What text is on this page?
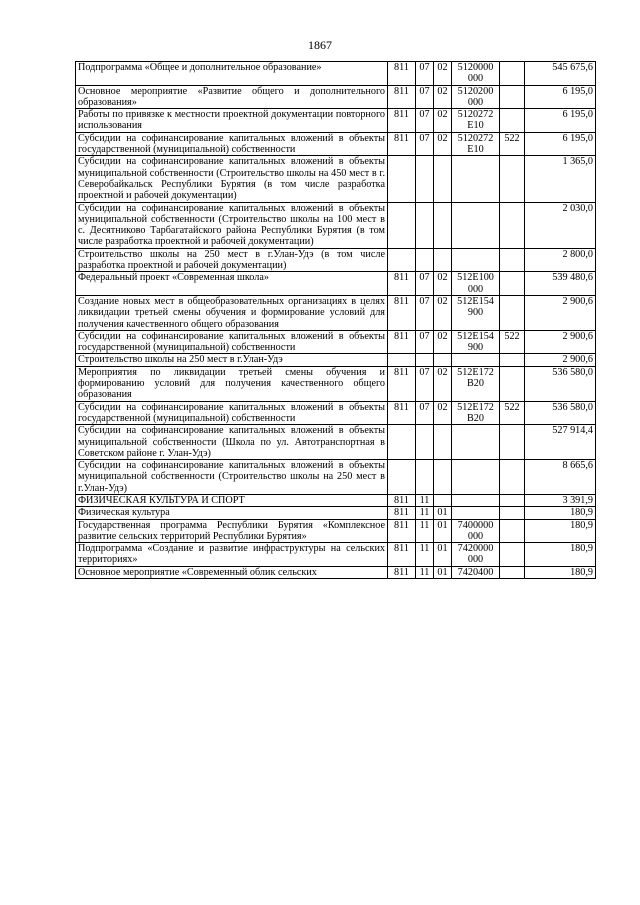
1867
Подпрограмма «Общее и дополнительное образование»	811	07	02	5120000 000		545 675,6
Основное мероприятие «Развитие общего и дополнительного образования»	811	07	02	5120200 000		6 195,0
Работы по привязке к местности проектной документации повторного использования	811	07	02	5120272 Е10		6 195,0
Субсидии на софинансирование капитальных вложений в объекты государственной (муниципальной) собственности	811	07	02	5120272 Е10	522	6 195,0
Субсидии на софинансирование капитальных вложений в объекты муниципальной собственности (Строительство школы на 450 мест в г. Северобайкальск Республики Бурятия (в том числе разработка проектной и рабочей документации)						1 365,0
Субсидии на софинансирование капитальных вложений в объекты муниципальной собственности (Строительство школы на 100 мест в с. Десятниково Тарбагатайского района Республики Бурятия (в том числе разработка проектной и рабочей документации)						2 030,0
Строительство школы на 250 мест в г.Улан-Удэ (в том числе разработка проектной и рабочей документации)						2 800,0
Федеральный проект «Современная школа»	811	07	02	512Е100 000		539 480,6
Создание новых мест в общеобразовательных организациях в целях ликвидации третьей смены обучения и формирование условий для получения качественного общего образования	811	07	02	512Е154 900		2 900,6
Субсидии на софинансирование капитальных вложений в объекты государственной (муниципальной) собственности	811	07	02	512Е154 900	522	2 900,6
Строительство школы на 250 мест в г.Улан-Удэ						2 900,6
Мероприятия по ликвидации третьей смены обучения и формированию условий для получения качественного общего образования	811	07	02	512Е172 В20		536 580,0
Субсидии на софинансирование капитальных вложений в объекты государственной (муниципальной) собственности	811	07	02	512Е172 В20	522	536 580,0
Субсидии на софинансирование капитальных вложений в объекты муниципальной собственности (Школа по ул. Автотранспортная в Советском районе г. Улан-Удэ)						527 914,4
Субсидии на софинансирование капитальных вложений в объекты муниципальной собственности (Строительство школы на 250 мест в г.Улан-Удэ)						8 665,6
ФИЗИЧЕСКАЯ КУЛЬТУРА И СПОРТ	811	11				3 391,9
Физическая культура	811	11	01			180,9
Государственная программа Республики Бурятия «Комплексное развитие сельских территорий Республики Бурятия»	811	11	01	7400000 000		180,9
Подпрограмма «Создание и развитие инфраструктуры на сельских территориях»	811	11	01	7420000 000		180,9
Основное мероприятие «Современный облик сельских	811	11	01	7420400		180,9
